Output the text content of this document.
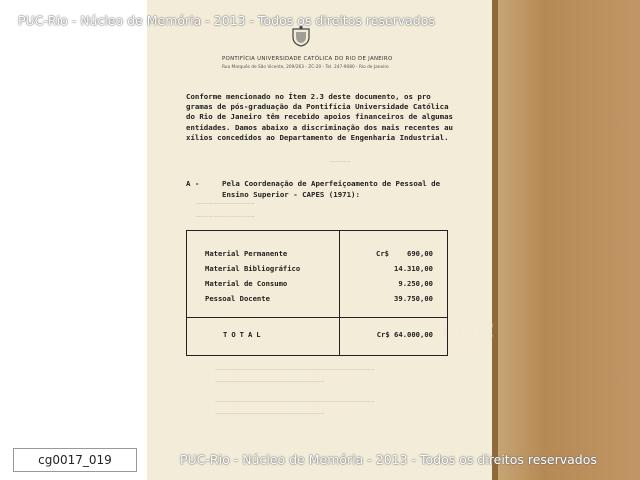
PUC
~~~~~
~~~~~~~~~~~~~~
~~~~~~~~~~~~~~
~~~~~~~~~~~~~~~~~~~~~~~~~~~~~~~~~~~~~~
~~~~~~~~~~~~~~~~~~~~~~~~~~
~~~~~~~~~~~~~~~~~~~~~~~~~~~~~~~~~~~~~~
~~~~~~~~~~~~~~~~~~~~~~~~~~
PONTIFÍCIA UNIVERSIDADE CATÓLICA DO RIO DE JANEIRO
Rua Marquês de São Vicente, 209/263 - ZC-20 - Tel. 247-9080 - Rio de Janeiro
Conforme mencionado no Ítem 2.3 deste documento, os pro
gramas de pós-graduação da Pontifícia Universidade Católica
do Rio de Janeiro têm recebido apoios financeiros de algumas
entidades. Damos abaixo a discriminação dos mais recentes au
xílios concedidos ao Departamento de Engenharia Industrial.
A -	Pela Coordenação de Aperfeiçoamento de Pessoal de
Ensino Superior - CAPES (1971):
Material Permanente	Cr$	690,00
Material Bibliográfico	14.310,00
Material de Consumo	9.250,00
Pessoal Docente	39.750,00
TOTAL	Cr$ 64.000,00
PUC-Rio - Núcleo de Memória - 2013 - Todos os direitos reservados
PUC-Rio - Núcleo de Memória - 2013 - Todos os direitos reservados
cg0017_019
